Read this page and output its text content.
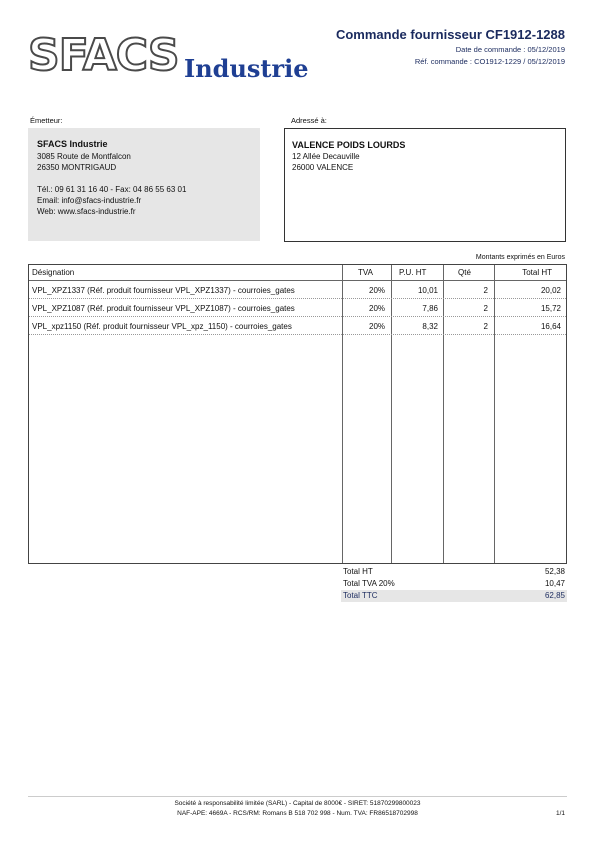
SFACS Industrie
Commande fournisseur CF1912-1288
Date de commande : 05/12/2019
Réf. commande : CO1912-1229 / 05/12/2019
Émetteur:
SFACS Industrie
3085 Route de Montfalcon
26350 MONTRIGAUD
Tél.: 09 61 31 16 40 - Fax: 04 86 55 63 01
Email: info@sfacs-industrie.fr
Web: www.sfacs-industrie.fr
Adressé à:
VALENCE POIDS LOURDS
12 Allée Decauville
26000 VALENCE
Montants exprimés en Euros
Désignation	TVA	P.U. HT	Qté	Total HT
VPL_XPZ1337 (Réf. produit fournisseur VPL_XPZ1337) - courroies_gates	20%	10,01	2	20,02
VPL_XPZ1087 (Réf. produit fournisseur VPL_XPZ1087) - courroies_gates	20%	7,86	2	15,72
VPL_xpz1150 (Réf. produit fournisseur VPL_xpz_1150) - courroies_gates	20%	8,32	2	16,64
Total HT	52,38
Total TVA 20%	10,47
Total TTC	62,85
Société à responsabilité limitée (SARL) - Capital de 8000€ - SIRET: 51870299800023
NAF-APE: 4669A - RCS/RM: Romans B 518 702 998 - Num. TVA: FR86518702998	1/1
